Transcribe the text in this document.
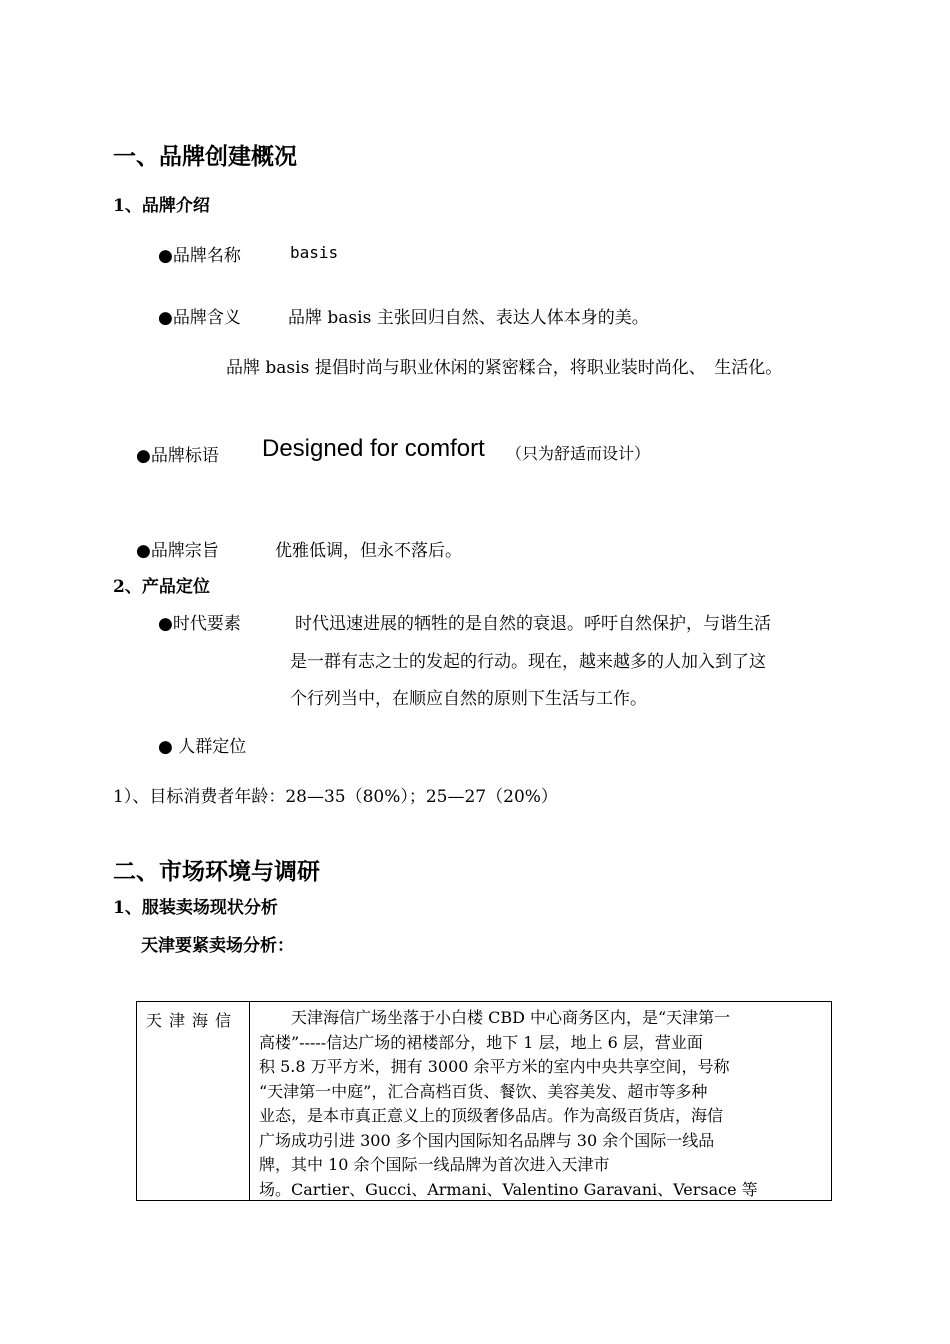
一、品牌创建概况
1、品牌介绍
●品牌名称	basis
●品牌含义	品牌 basis 主张回归自然、表达人体本身的美。
品牌 basis 提倡时尚与职业休闲的紧密糅合，将职业装时尚化、　生活化。
●品牌标语 Designed for comfort （只为舒适而设计）
●品牌宗旨	优雅低调，但永不落后。
2、产品定位
●时代要素	时代迅速进展的牺牲的是自然的衰退。呼吁自然保护，与谐生活
是一群有志之士的发起的行动。现在，越来越多的人加入到了这
个行列当中，在顺应自然的原则下生活与工作。
● 人群定位
1）、目标消费者年龄：28—35（80%）；25—27（20%）
二、市场环境与调研
1、服装卖场现状分析
天津要紧卖场分析：
天津海信 　　天津海信广场坐落于小白楼 CBD 中心商务区内，是“天津第一
高楼”-----信达广场的裙楼部分，地下 1 层，地上 6 层，营业面
积 5.8 万平方米，拥有 3000 余平方米的室内中央共享空间，号称
“天津第一中庭”，汇合高档百货、餐饮、美容美发、超市等多种
业态，是本市真正意义上的顶级奢侈品店。作为高级百货店，海信
广场成功引进 300 多个国内国际知名品牌与 30 余个国际一线品
牌，其中 10 余个国际一线品牌为首次进入天津市
场。Cartier、Gucci、Armani、Valentino Garavani、Versace 等
